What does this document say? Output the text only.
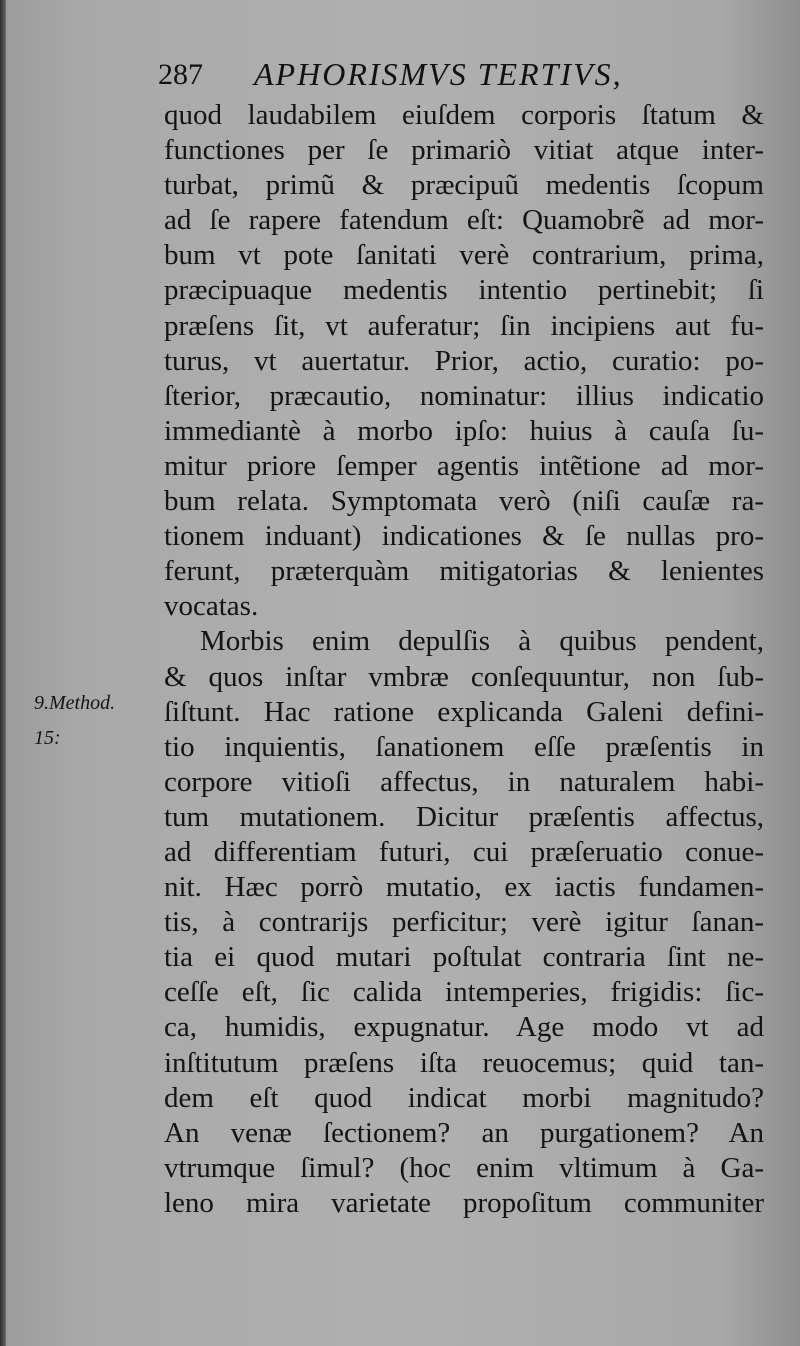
287 APHORISMVS TERTIVS,
9.Method.
15:
quod laudabilem eiuſdem corporis ſtatum &
functiones per ſe primariò vitiat atque inter-
turbat, primũ & præcipuũ medentis ſcopum
ad ſe rapere fatendum eſt: Quamobrẽ ad mor-
bum vt pote ſanitati verè contrarium, prima,
præcipuaque medentis intentio pertinebit; ſi
præſens ſit, vt auferatur; ſin incipiens aut fu-
turus, vt auertatur. Prior, actio, curatio: po-
ſterior, præcautio, nominatur: illius indicatio
immediantè à morbo ipſo: huius à cauſa ſu-
mitur priore ſemper agentis intẽtione ad mor-
bum relata. Symptomata verò (niſi cauſæ ra-
tionem induant) indicationes & ſe nullas pro-
ferunt, præterquàm mitigatorias & lenientes
vocatas.
Morbis enim depulſis à quibus pendent,
& quos inſtar vmbræ conſequuntur, non ſub-
ſiſtunt. Hac ratione explicanda Galeni defini-
tio inquientis, ſanationem eſſe præſentis in
corpore vitioſi affectus, in naturalem habi-
tum mutationem. Dicitur præſentis affectus,
ad differentiam futuri, cui præſeruatio conue-
nit. Hæc porrò mutatio, ex iactis fundamen-
tis, à contrarijs perficitur; verè igitur ſanan-
tia ei quod mutari poſtulat contraria ſint ne-
ceſſe eſt, ſic calida intemperies, frigidis: ſic-
ca, humidis, expugnatur. Age modo vt ad
inſtitutum præſens iſta reuocemus; quid tan-
dem eſt quod indicat morbi magnitudo?
An venæ ſectionem? an purgationem? An
vtrumque ſimul? (hoc enim vltimum à Ga-
leno mira varietate propoſitum communiter
